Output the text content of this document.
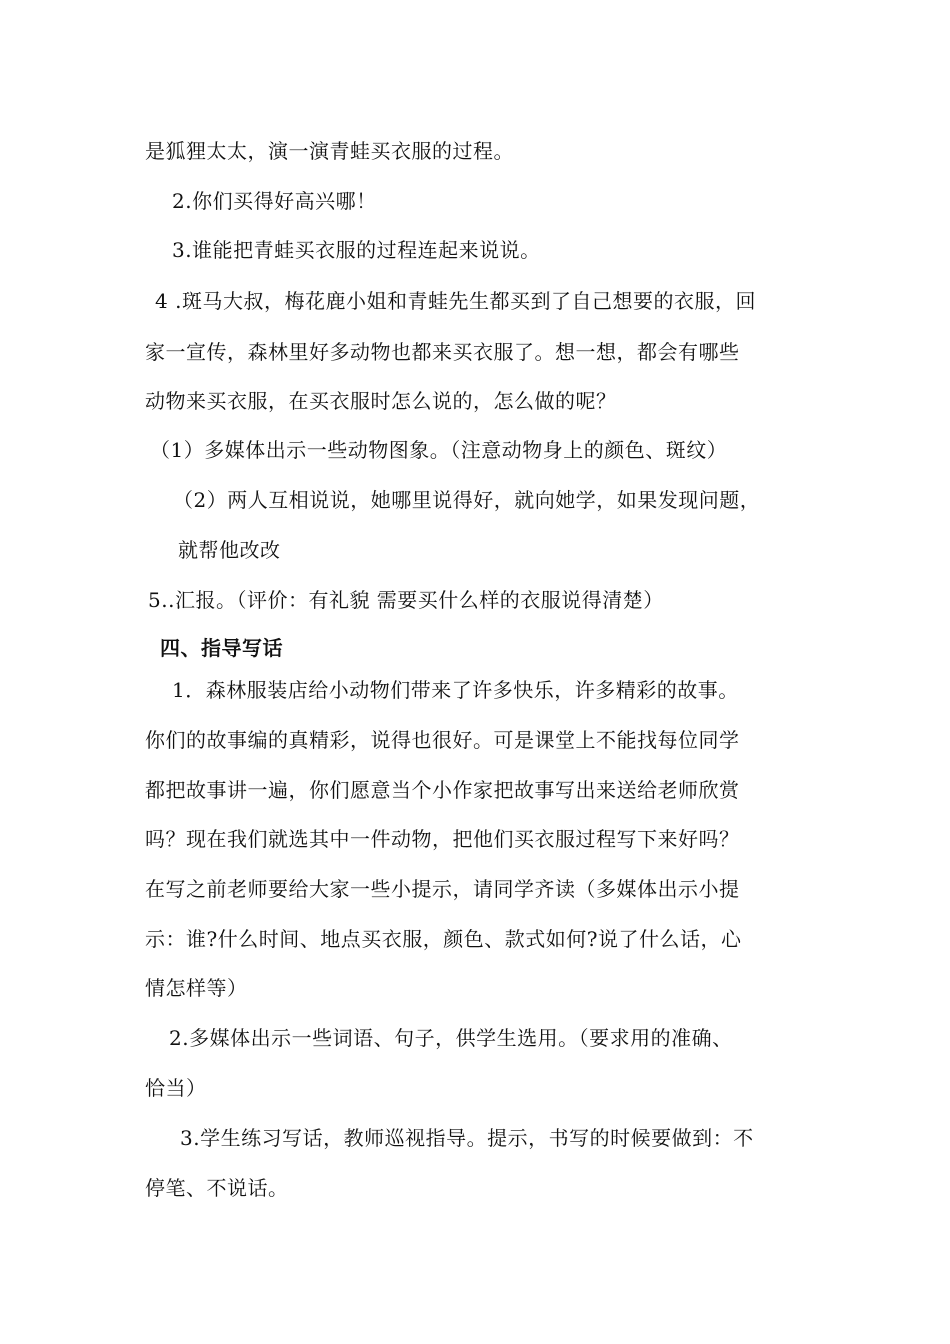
是狐狸太太，演一演青蛙买衣服的过程。
2.你们买得好高兴哪！
3.谁能把青蛙买衣服的过程连起来说说。
4 .斑马大叔，梅花鹿小姐和青蛙先生都买到了自己想要的衣服，回
家一宣传，森林里好多动物也都来买衣服了。想一想，都会有哪些
动物来买衣服，在买衣服时怎么说的，怎么做的呢？
（1）多媒体出示一些动物图象。（注意动物身上的颜色、斑纹）
（2）两人互相说说，她哪里说得好，就向她学，如果发现问题，
就帮他改改
5..汇报。（评价：有礼貌 需要买什么样的衣服说得清楚）
四、指导写话
1．森林服装店给小动物们带来了许多快乐，许多精彩的故事。
你们的故事编的真精彩，说得也很好。可是课堂上不能找每位同学
都把故事讲一遍，你们愿意当个小作家把故事写出来送给老师欣赏
吗？现在我们就选其中一件动物，把他们买衣服过程写下来好吗？
在写之前老师要给大家一些小提示，请同学齐读（多媒体出示小提
示：谁?什么时间、地点买衣服，颜色、款式如何?说了什么话，心
情怎样等）
2.多媒体出示一些词语、句子，供学生选用。（要求用的准确、
恰当）
3.学生练习写话，教师巡视指导。提示，书写的时候要做到：不
停笔、不说话。
